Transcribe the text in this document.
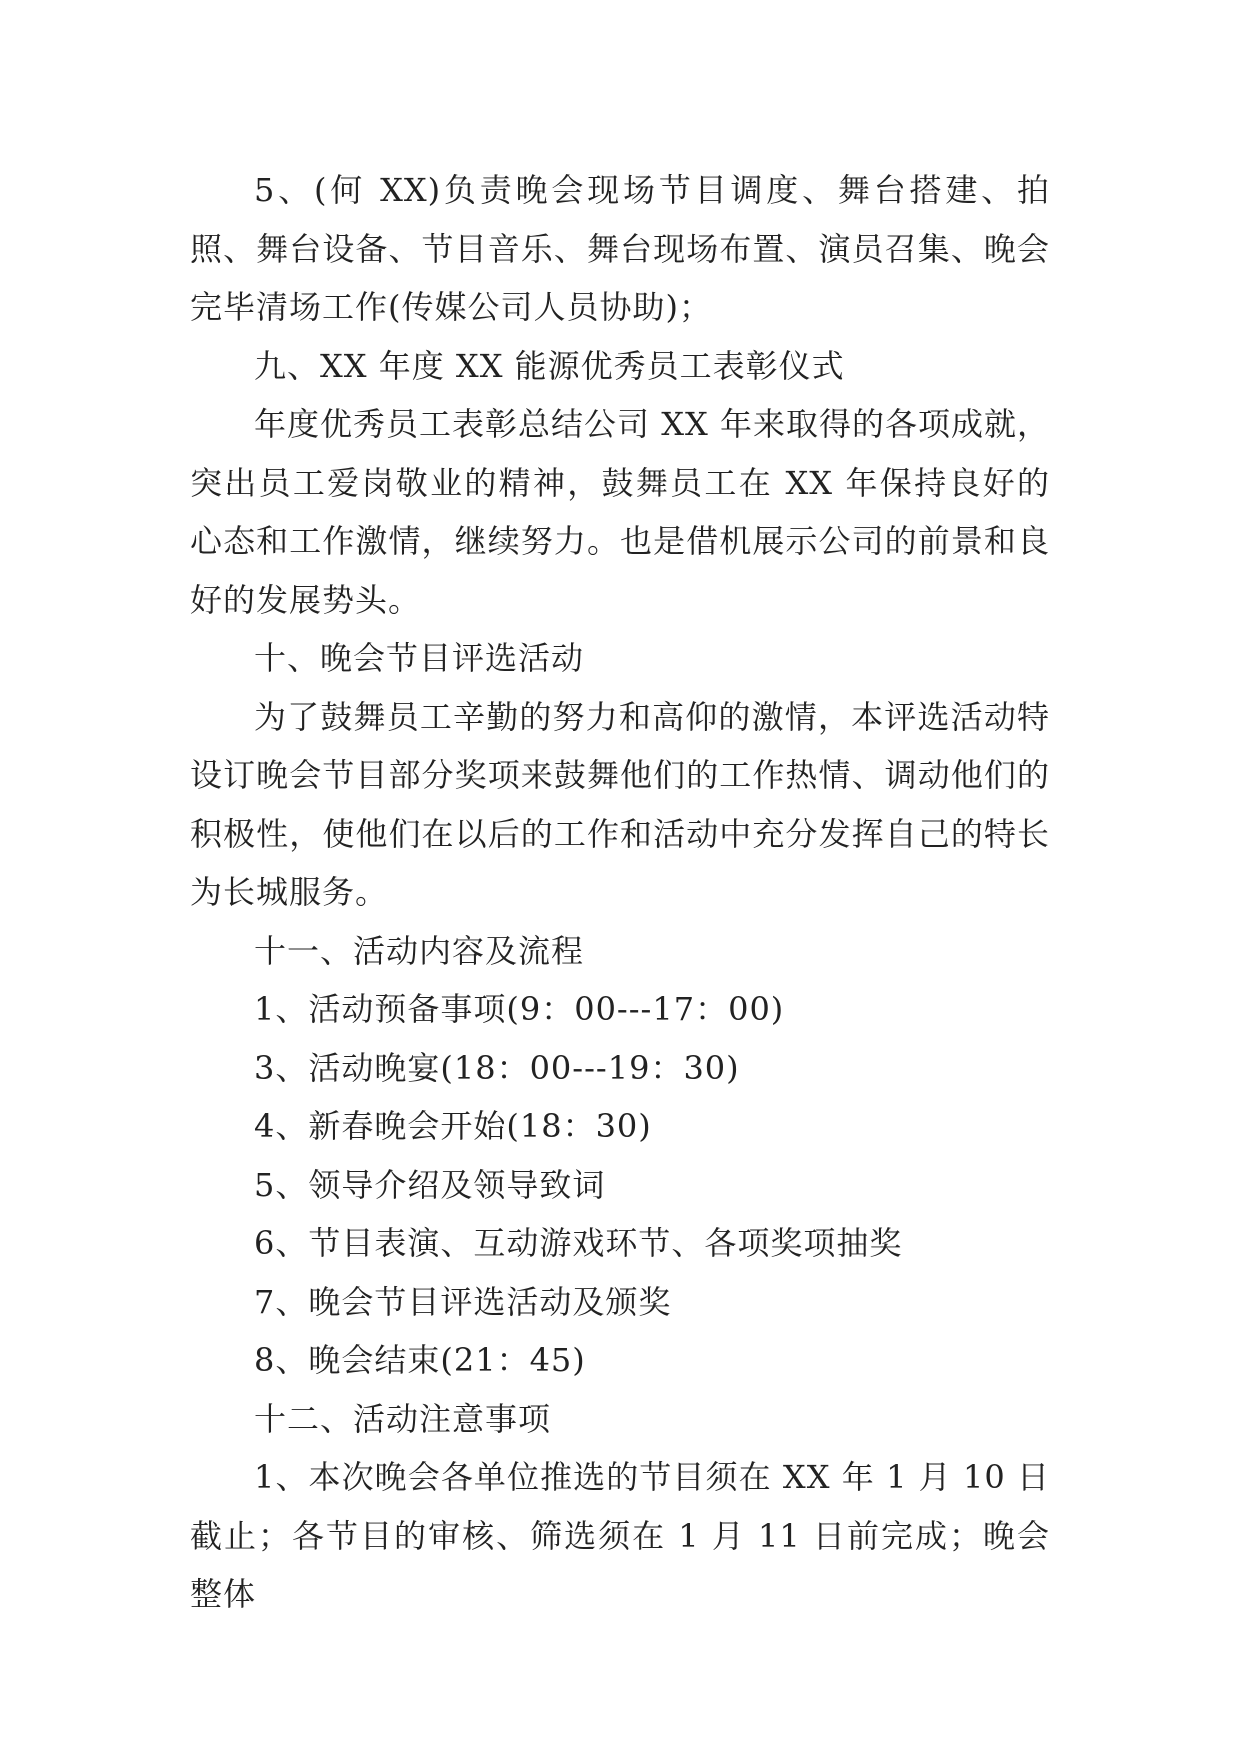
5、(何 XX)负责晚会现场节目调度、舞台搭建、拍照、舞台设备、节目音乐、舞台现场布置、演员召集、晚会完毕清场工作(传媒公司人员协助)；

九、XX 年度 XX 能源优秀员工表彰仪式

年度优秀员工表彰总结公司 XX 年来取得的各项成就，突出员工爱岗敬业的精神，鼓舞员工在 XX 年保持良好的心态和工作激情，继续努力。也是借机展示公司的前景和良好的发展势头。

十、晚会节目评选活动

为了鼓舞员工辛勤的努力和高仰的激情，本评选活动特设订晚会节目部分奖项来鼓舞他们的工作热情、调动他们的积极性，使他们在以后的工作和活动中充分发挥自己的特长为长城服务。

十一、活动内容及流程

1、活动预备事项(9：00---17：00)

3、活动晚宴(18：00---19：30)

4、新春晚会开始(18：30)

5、领导介绍及领导致词

6、节目表演、互动游戏环节、各项奖项抽奖

7、晚会节目评选活动及颁奖

8、晚会结束(21：45)

十二、活动注意事项

1、本次晚会各单位推选的节目须在 XX 年 1 月 10 日截止；各节目的审核、筛选须在 1 月 11 日前完成；晚会整体
